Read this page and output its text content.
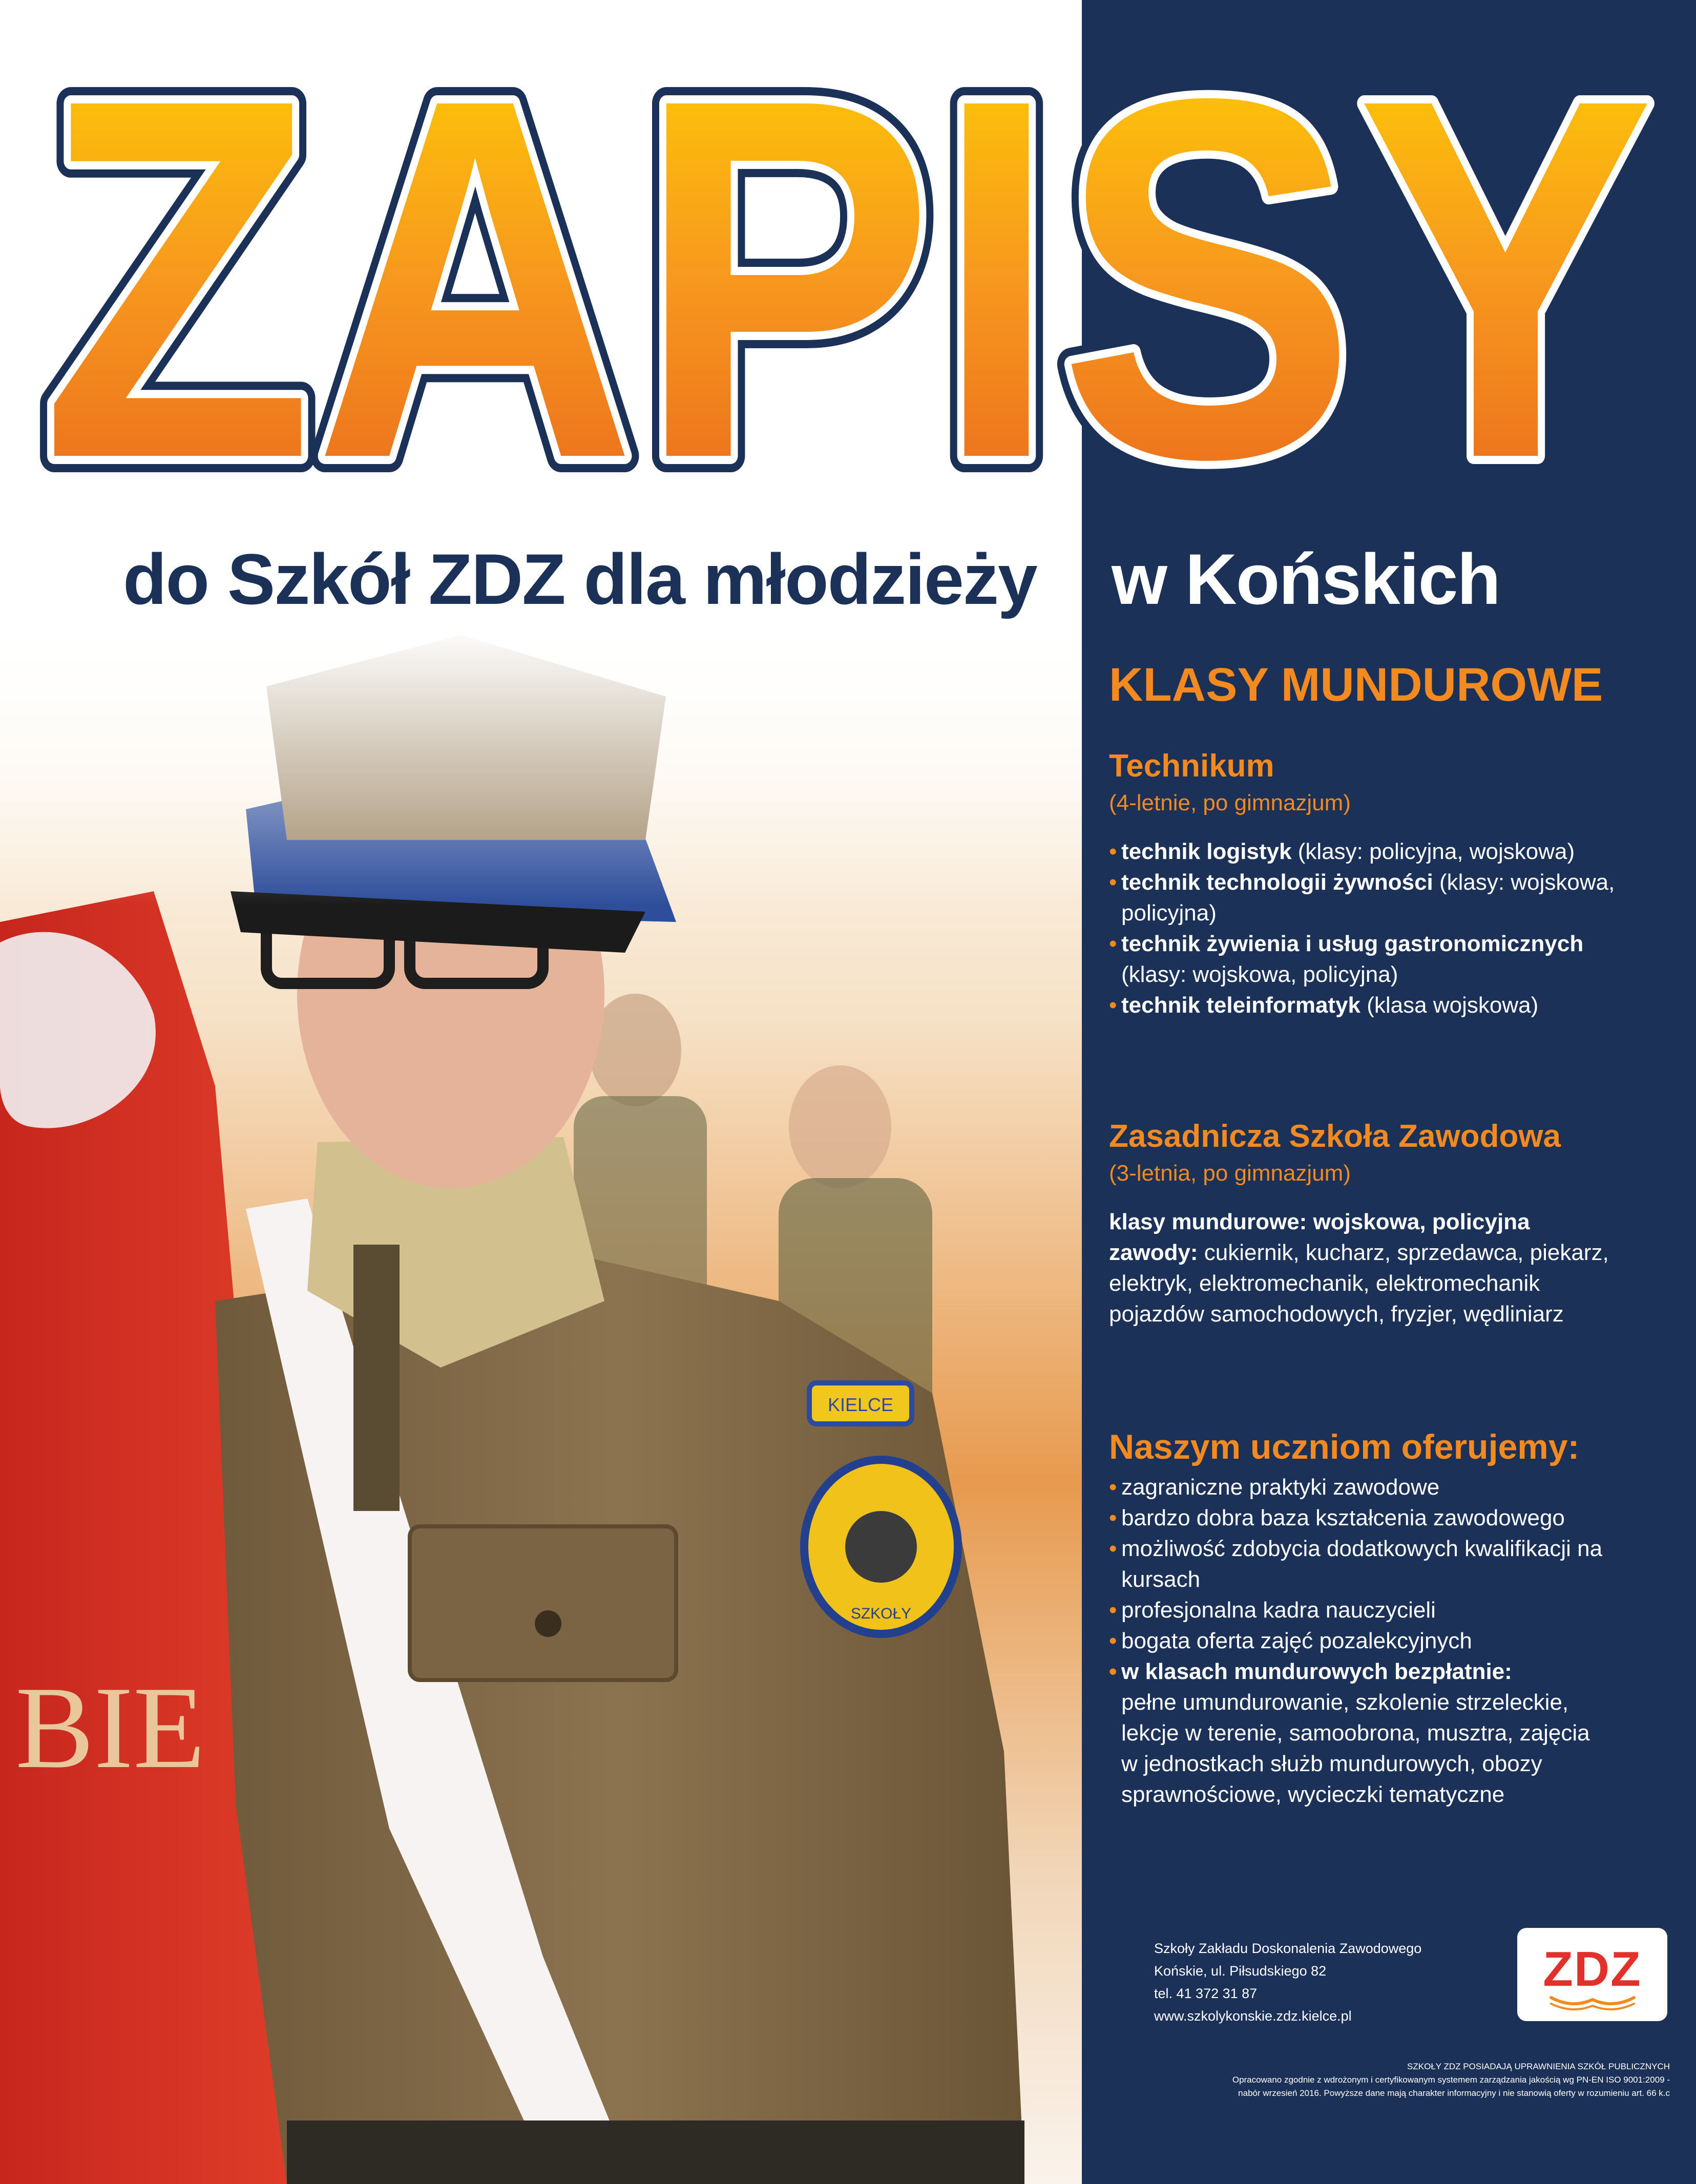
ZAPISY
ZAPISY
ZAPISY
do Szkół ZDZ dla młodzieży w Końskich
KLASY MUNDUROWE
Technikum
(4-letnie, po gimnazjum)
• technik logistyk (klasy: policyjna, wojskowa)
• technik technologii żywności (klasy: wojskowa,
policyjna)
• technik żywienia i usług gastronomicznych
(klasy: wojskowa, policyjna)
• technik teleinformatyk (klasa wojskowa)
Zasadnicza Szkoła Zawodowa
(3-letnia, po gimnazjum)

klasy mundurowe: wojskowa, policyjna

zawody: cukiernik, kucharz, sprzedawca, piekarz,

elektryk, elektromechanik, elektromechanik

pojazdów samochodowych, fryzjer, wędliniarz

Naszym uczniom oferujemy:
• zagraniczne praktyki zawodowe
• bardzo dobra baza kształcenia zawodowego
• możliwość zdobycia dodatkowych kwalifikacji na
kursach
• profesjonalna kadra nauczycieli
• bogata oferta zajęć pozalekcyjnych
• w klasach mundurowych bezpłatnie:
pełne umundurowanie, szkolenie strzeleckie,
lekcje w terenie, samoobrona, musztra, zajęcia
w jednostkach służb mundurowych, obozy
sprawnościowe, wycieczki tematyczne
Szkoły Zakładu Doskonalenia Zawodowego
Końskie, ul. Piłsudskiego 82
tel. 41 372 31 87
www.szkolykonskie.zdz.kielce.pl
ZDZ
SZKOŁY ZDZ POSIADAJĄ UPRAWNIENIA SZKÓŁ PUBLICZNYCH
Opracowano zgodnie z wdrożonym i certyfikowanym systemem zarządzania jakością wg PN-EN ISO 9001:2009 -
nabór wrzesień 2016. Powyższe dane mają charakter informacyjny i nie stanowią oferty w rozumieniu art. 66 k.c
